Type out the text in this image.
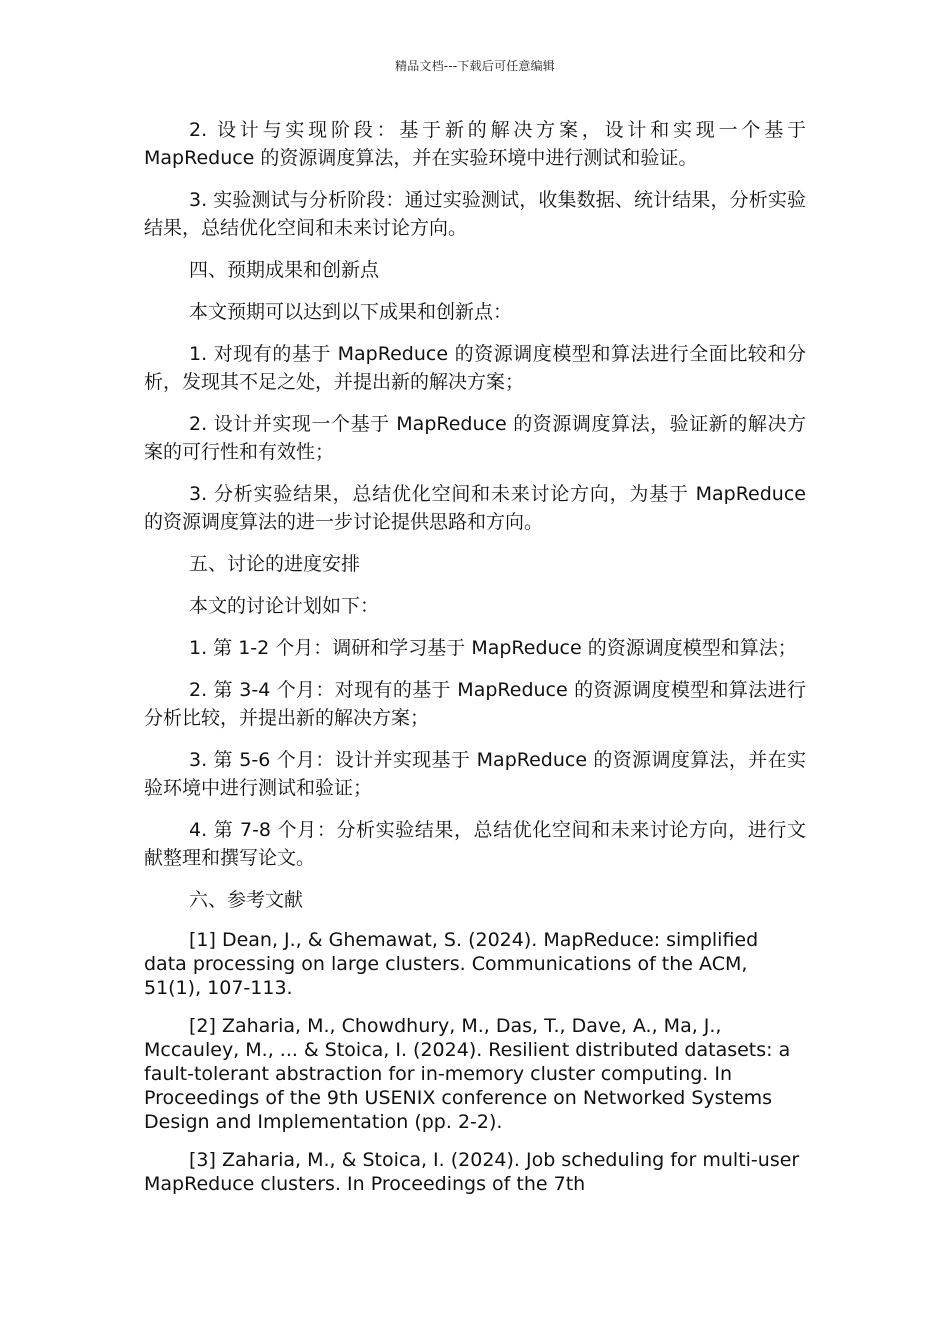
精品文档---下载后可任意编辑

2. 设计与实现阶段：基于新的解决方案，设计和实现一个基于 MapReduce 的资源调度算法，并在实验环境中进行测试和验证。

3. 实验测试与分析阶段：通过实验测试，收集数据、统计结果，分析实验结果，总结优化空间和未来讨论方向。

四、预期成果和创新点

本文预期可以达到以下成果和创新点：

1. 对现有的基于 MapReduce 的资源调度模型和算法进行全面比较和分析，发现其不足之处，并提出新的解决方案；

2. 设计并实现一个基于 MapReduce 的资源调度算法，验证新的解决方案的可行性和有效性；

3. 分析实验结果，总结优化空间和未来讨论方向，为基于 MapReduce 的资源调度算法的进一步讨论提供思路和方向。

五、讨论的进度安排

本文的讨论计划如下：

1. 第 1-2 个月：调研和学习基于 MapReduce 的资源调度模型和算法；

2. 第 3-4 个月：对现有的基于 MapReduce 的资源调度模型和算法进行分析比较，并提出新的解决方案；

3. 第 5-6 个月：设计并实现基于 MapReduce 的资源调度算法，并在实验环境中进行测试和验证；

4. 第 7-8 个月：分析实验结果，总结优化空间和未来讨论方向，进行文献整理和撰写论文。

六、参考文献

[1] Dean, J., & Ghemawat, S. (2024). MapReduce: simplified data processing on large clusters. Communications of the ACM, 51(1), 107-113.

[2] Zaharia, M., Chowdhury, M., Das, T., Dave, A., Ma, J., Mccauley, M., ... & Stoica, I. (2024). Resilient distributed datasets: a fault-tolerant abstraction for in-memory cluster computing. In Proceedings of the 9th USENIX conference on Networked Systems Design and Implementation (pp. 2-2).

[3] Zaharia, M., & Stoica, I. (2024). Job scheduling for multi-user MapReduce clusters. In Proceedings of the 7th
